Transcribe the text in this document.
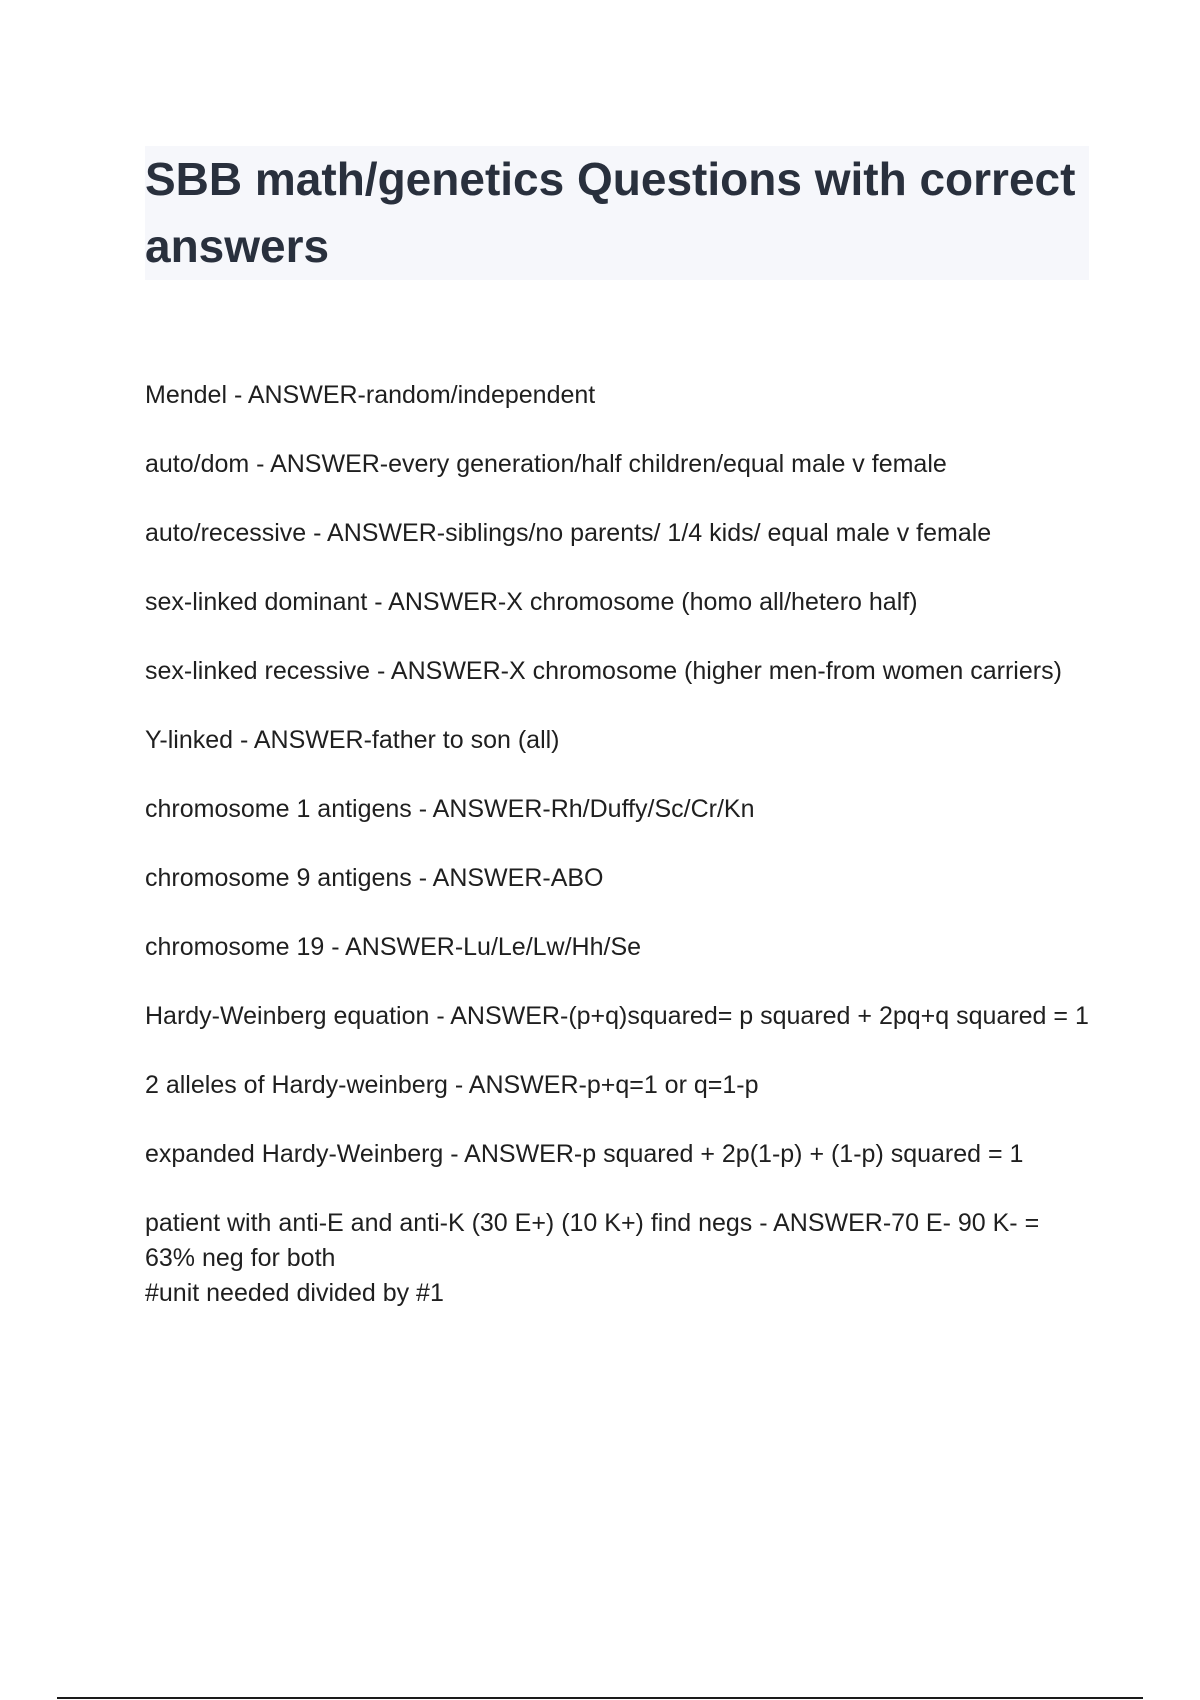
SBB math/genetics Questions with correct answers
Mendel - ANSWER-random/independent
auto/dom - ANSWER-every generation/half children/equal male v female
auto/recessive - ANSWER-siblings/no parents/ 1/4 kids/ equal male v female
sex-linked dominant - ANSWER-X chromosome (homo all/hetero half)
sex-linked recessive - ANSWER-X chromosome (higher men-from women carriers)
Y-linked - ANSWER-father to son (all)
chromosome 1 antigens - ANSWER-Rh/Duffy/Sc/Cr/Kn
chromosome 9 antigens - ANSWER-ABO
chromosome 19 - ANSWER-Lu/Le/Lw/Hh/Se
Hardy-Weinberg equation - ANSWER-(p+q)squared= p squared + 2pq+q squared = 1
2 alleles of Hardy-weinberg - ANSWER-p+q=1 or q=1-p
expanded Hardy-Weinberg - ANSWER-p squared + 2p(1-p) + (1-p) squared = 1
patient with anti-E and anti-K (30 E+) (10 K+) find negs - ANSWER-70 E- 90 K- = 63% neg for both
#unit needed divided by #1
